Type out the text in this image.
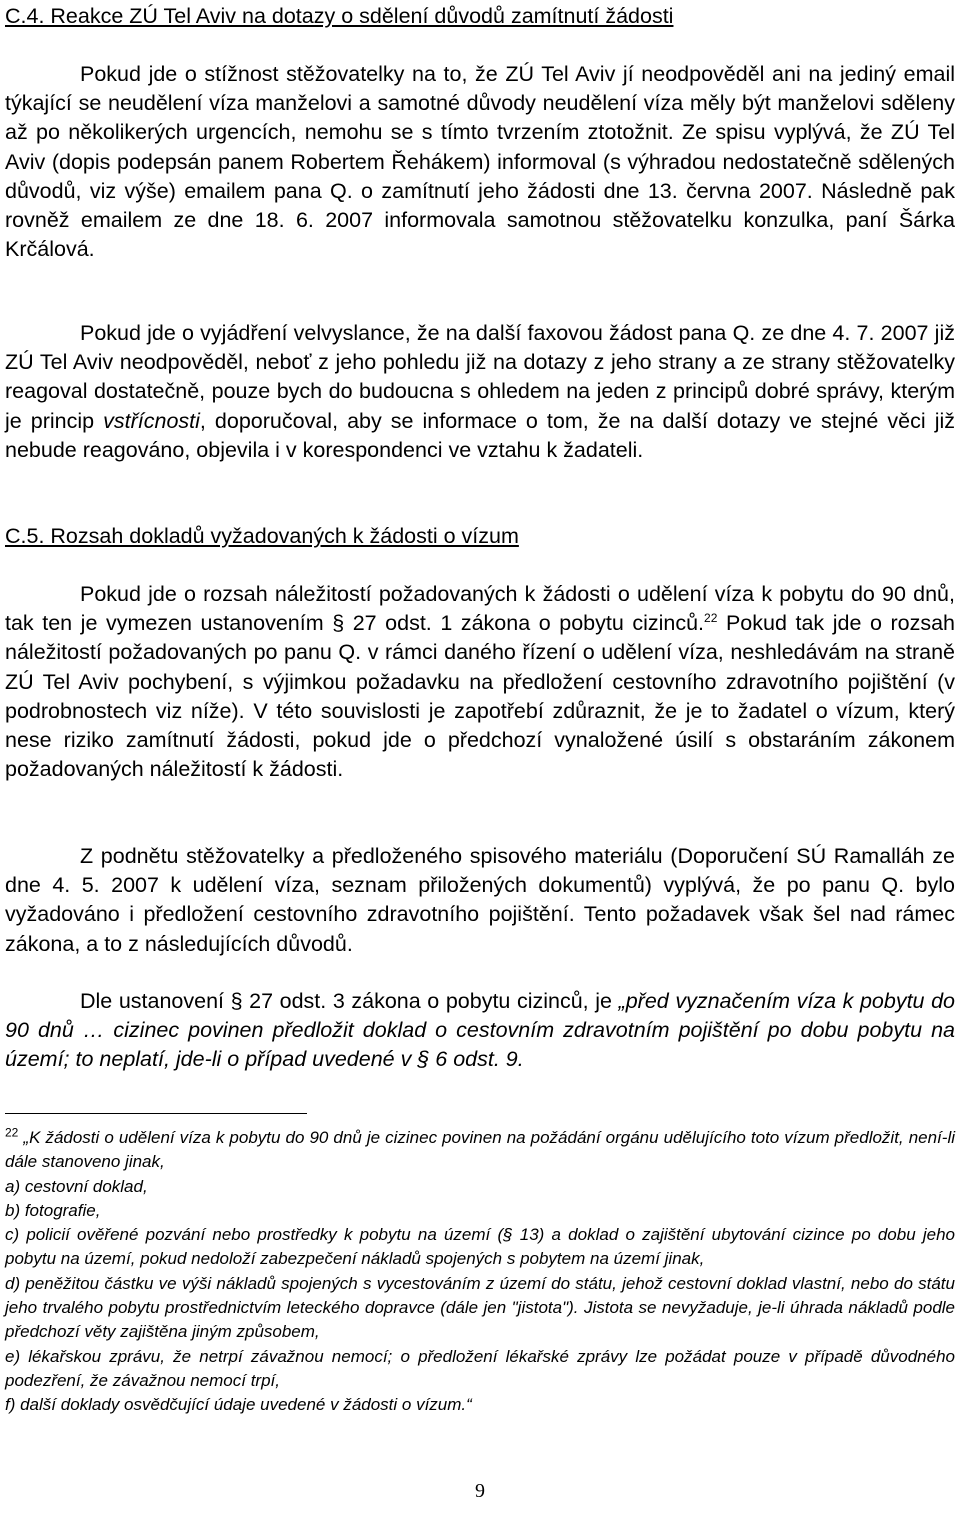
C.4. Reakce ZÚ Tel Aviv na dotazy o sdělení důvodů zamítnutí žádosti

Pokud jde o stížnost stěžovatelky na to, že ZÚ Tel Aviv jí neodpověděl ani na jediný email týkající se neudělení víza manželovi a samotné důvody neudělení víza měly být manželovi sděleny až po několikerých urgencích, nemohu se s tímto tvrzením ztotožnit. Ze spisu vyplývá, že ZÚ Tel Aviv (dopis podepsán panem Robertem Řehákem) informoval (s výhradou nedostatečně sdělených důvodů, viz výše) emailem pana Q. o zamítnutí jeho žádosti dne 13. června 2007. Následně pak rovněž emailem ze dne 18. 6. 2007 informovala samotnou stěžovatelku konzulka, paní Šárka Krčálová.

Pokud jde o vyjádření velvyslance, že na další faxovou žádost pana Q. ze dne 4. 7. 2007 již ZÚ Tel Aviv neodpověděl, neboť z jeho pohledu již na dotazy z jeho strany a ze strany stěžovatelky reagoval dostatečně, pouze bych do budoucna s ohledem na jeden z principů dobré správy, kterým je princip vstřícnosti, doporučoval, aby se informace o tom, že na další dotazy ve stejné věci již nebude reagováno, objevila i v korespondenci ve vztahu k žadateli.

C.5. Rozsah dokladů vyžadovaných k žádosti o vízum

Pokud jde o rozsah náležitostí požadovaných k žádosti o udělení víza k pobytu do 90 dnů, tak ten je vymezen ustanovením § 27 odst. 1 zákona o pobytu cizinců.$^{22}$ Pokud tak jde o rozsah náležitostí požadovaných po panu Q. v rámci daného řízení o udělení víza, neshledávám na straně ZÚ Tel Aviv pochybení, s výjimkou požadavku na předložení cestovního zdravotního pojištění (v podrobnostech viz níže). V této souvislosti je zapotřebí zdůraznit, že je to žadatel o vízum, který nese riziko zamítnutí žádosti, pokud jde o předchozí vynaložené úsilí s obstaráním zákonem požadovaných náležitostí k žádosti.

Z podnětu stěžovatelky a předloženého spisového materiálu (Doporučení SÚ Ramalláh ze dne 4. 5. 2007 k udělení víza, seznam přiložených dokumentů) vyplývá, že po panu Q. bylo vyžadováno i předložení cestovního zdravotního pojištění. Tento požadavek však šel nad rámec zákona, a to z následujících důvodů.

Dle ustanovení § 27 odst. 3 zákona o pobytu cizinců, je „před vyznačením víza k pobytu do 90 dnů … cizinec povinen předložit doklad o cestovním zdravotním pojištění po dobu pobytu na území; to neplatí, jde-li o případ uvedené v § 6 odst. 9.

$^{22}$ „K žádosti o udělení víza k pobytu do 90 dnů je cizinec povinen na požádání orgánu udělujícího toto vízum předložit, není-li dále stanoveno jinak,
a) cestovní doklad,
b) fotografie,
c) policií ověřené pozvání nebo prostředky k pobytu na území (§ 13) a doklad o zajištění ubytování cizince po dobu jeho pobytu na území, pokud nedoloží zabezpečení nákladů spojených s pobytem na území jinak,
d) peněžitou částku ve výši nákladů spojených s vycestováním z území do státu, jehož cestovní doklad vlastní, nebo do státu jeho trvalého pobytu prostřednictvím leteckého dopravce (dále jen "jistota"). Jistota se nevyžaduje, je-li úhrada nákladů podle předchozí věty zajištěna jiným způsobem,
e) lékařskou zprávu, že netrpí závažnou nemocí; o předložení lékařské zprávy lze požádat pouze v případě důvodného podezření, že závažnou nemocí trpí,
f) další doklady osvědčující údaje uvedené v žádosti o vízum.“
9
